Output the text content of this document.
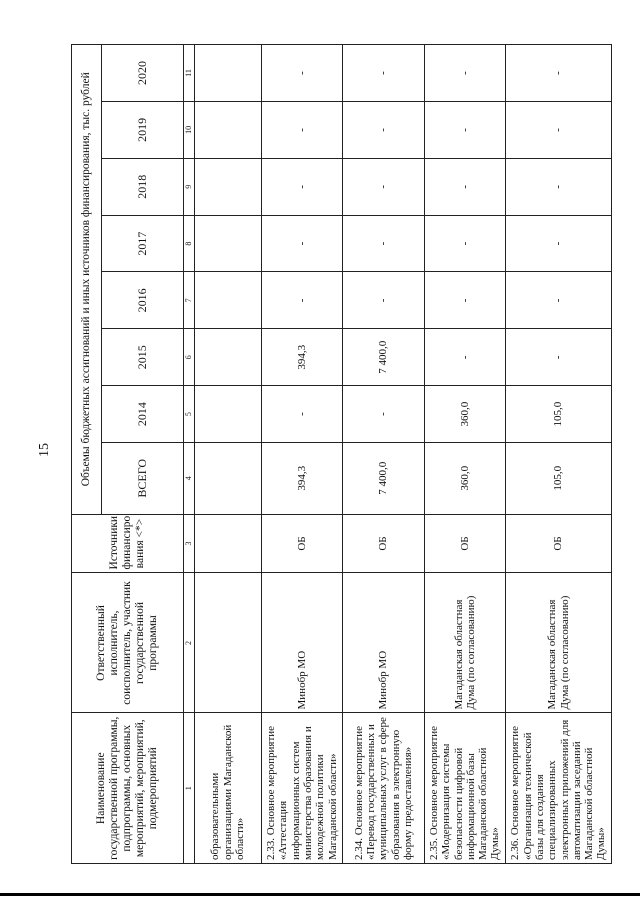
15
Наименование государственной программы, подпрограммы, основных мероприятий, мероприятий, подмероприятий	Ответственный исполнитель, соисполнитель, участник государственной программы	Источники финансиро вания <*>	Объемы бюджетных ассигнований и иных источников финансирования, тыс. рублей							
			ВСЕГО	2014	2015	2016	2017	2018	2019	2020
1	2	3	4	5	6	7	8	9	10	11
образовательными организациями Магаданской области»										
2.33. Основное мероприятие «Аттестация информационных систем министерства образования и молодежной политики Магаданской области»	Минобр МО	ОБ	394,3	-	394,3	-	-	-	-	-
2.34. Основное мероприятие «Перевод государственных и муниципальных услуг в сфере образования в электронную форму предоставления»	Минобр МО	ОБ	7 400,0	-	7 400,0	-	-	-	-	-
2.35. Основное мероприятие «Модернизация системы безопасности цифровой информационной базы Магаданской областной Думы»	Магаданская областная Дума (по согласованию)	ОБ	360,0	360,0	-	-	-	-	-	-
2.36. Основное мероприятие «Организация технической базы для создания специализированных электронных приложений для автоматизации заседаний Магаданской областной Думы»	Магаданская областная Дума (по согласованию)	ОБ	105,0	105,0	-	-	-	-	-	-
